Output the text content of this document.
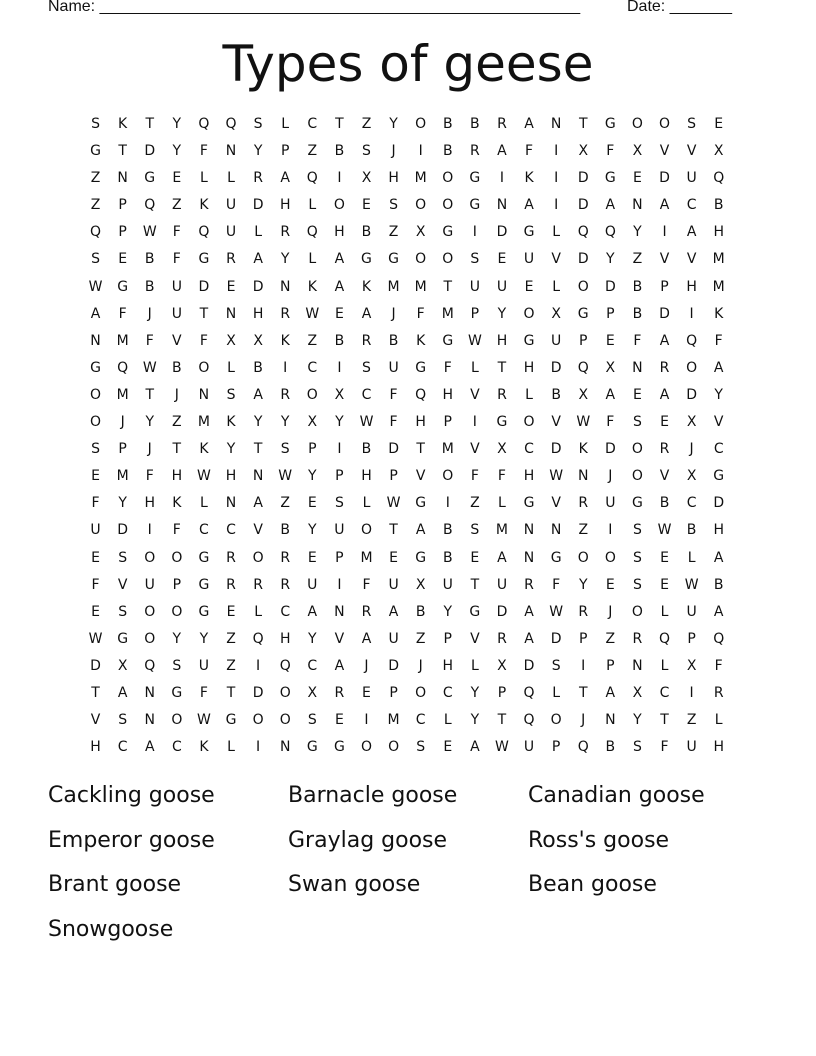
Name: ______________________________________________________	Date: _______
Types of geese
S	K	T	Y	Q	Q	S	L	C	T	Z	Y	O	B	B	R	A	N	T	G	O	O	S	E
G	T	D	Y	F	N	Y	P	Z	B	S	J	I	B	R	A	F	I	X	F	X	V	V	X
Z	N	G	E	L	L	R	A	Q	I	X	H	M	O	G	I	K	I	D	G	E	D	U	Q
Z	P	Q	Z	K	U	D	H	L	O	E	S	O	O	G	N	A	I	D	A	N	A	C	B
Q	P	W	F	Q	U	L	R	Q	H	B	Z	X	G	I	D	G	L	Q	Q	Y	I	A	H
S	E	B	F	G	R	A	Y	L	A	G	G	O	O	S	E	U	V	D	Y	Z	V	V	M
W	G	B	U	D	E	D	N	K	A	K	M	M	T	U	U	E	L	O	D	B	P	H	M
A	F	J	U	T	N	H	R	W	E	A	J	F	M	P	Y	O	X	G	P	B	D	I	K
N	M	F	V	F	X	X	K	Z	B	R	B	K	G	W	H	G	U	P	E	F	A	Q	F
G	Q	W	B	O	L	B	I	C	I	S	U	G	F	L	T	H	D	Q	X	N	R	O	A
O	M	T	J	N	S	A	R	O	X	C	F	Q	H	V	R	L	B	X	A	E	A	D	Y
O	J	Y	Z	M	K	Y	Y	X	Y	W	F	H	P	I	G	O	V	W	F	S	E	X	V
S	P	J	T	K	Y	T	S	P	I	B	D	T	M	V	X	C	D	K	D	O	R	J	C
E	M	F	H	W	H	N	W	Y	P	H	P	V	O	F	F	H	W	N	J	O	V	X	G
F	Y	H	K	L	N	A	Z	E	S	L	W	G	I	Z	L	G	V	R	U	G	B	C	D
U	D	I	F	C	C	V	B	Y	U	O	T	A	B	S	M	N	N	Z	I	S	W	B	H
E	S	O	O	G	R	O	R	E	P	M	E	G	B	E	A	N	G	O	O	S	E	L	A
F	V	U	P	G	R	R	R	U	I	F	U	X	U	T	U	R	F	Y	E	S	E	W	B
E	S	O	O	G	E	L	C	A	N	R	A	B	Y	G	D	A	W	R	J	O	L	U	A
W	G	O	Y	Y	Z	Q	H	Y	V	A	U	Z	P	V	R	A	D	P	Z	R	Q	P	Q
D	X	Q	S	U	Z	I	Q	C	A	J	D	J	H	L	X	D	S	I	P	N	L	X	F
T	A	N	G	F	T	D	O	X	R	E	P	O	C	Y	P	Q	L	T	A	X	C	I	R
V	S	N	O	W	G	O	O	S	E	I	M	C	L	Y	T	Q	O	J	N	Y	T	Z	L
H	C	A	C	K	L	I	N	G	G	O	O	S	E	A	W	U	P	Q	B	S	F	U	H
Cackling goose	Barnacle goose	Canadian goose
Emperor goose	Graylag goose	Ross's goose
Brant goose	Swan goose	Bean goose
Snowgoose
